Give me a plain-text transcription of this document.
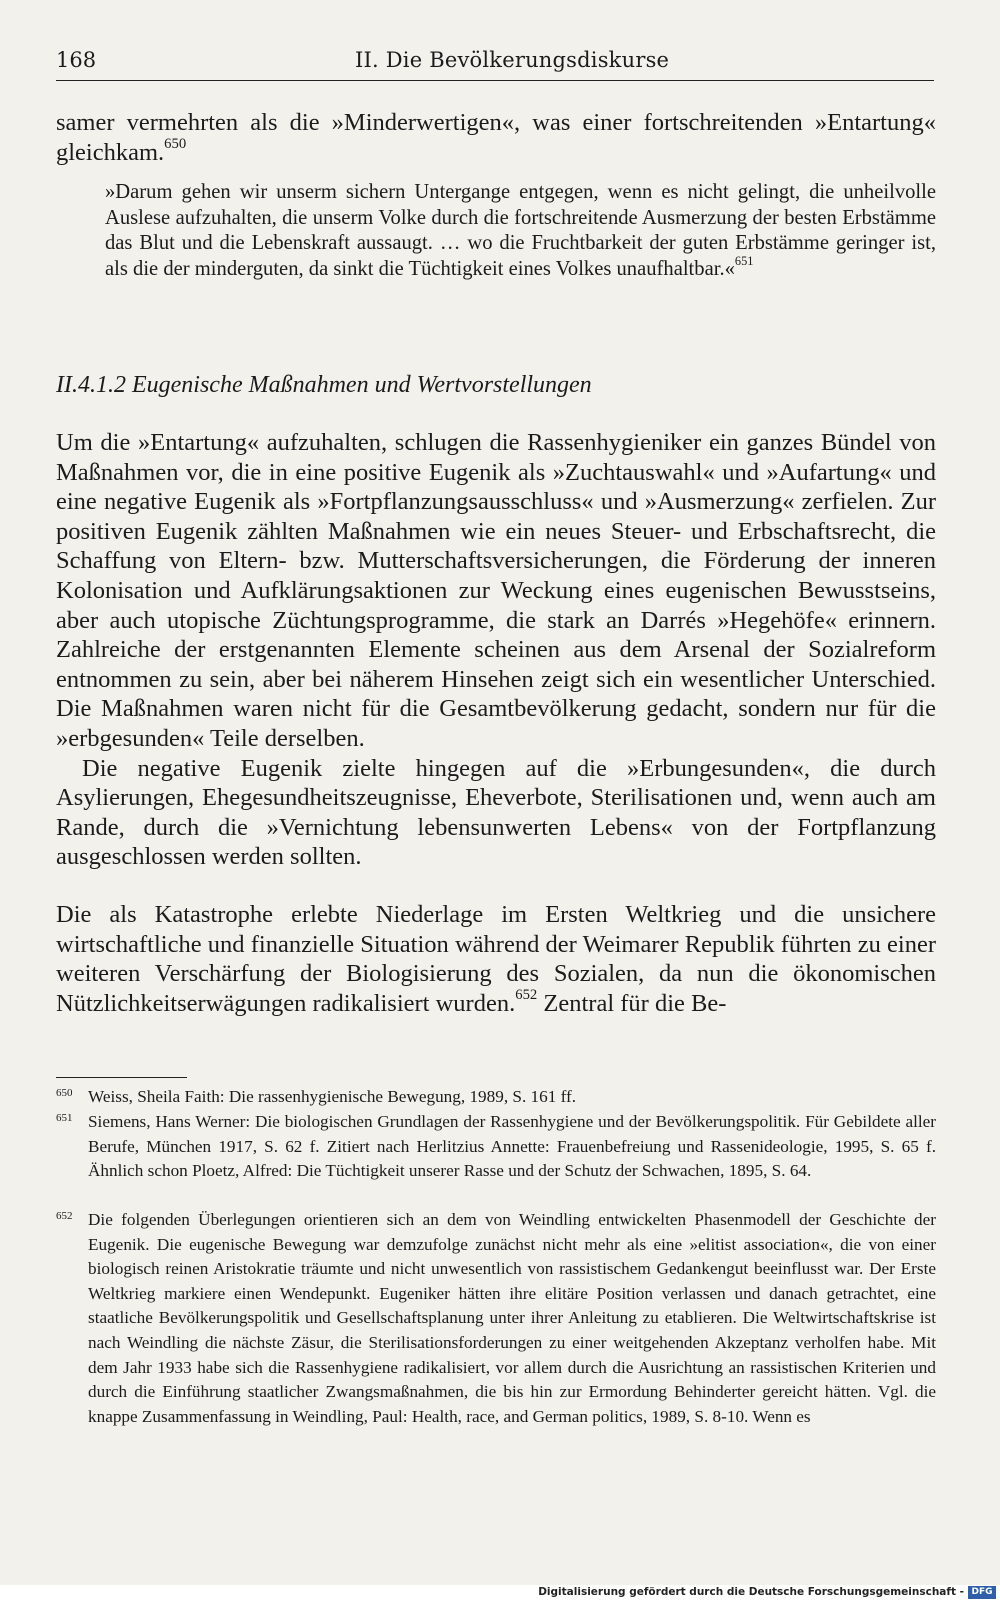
168	II. Die Bevölkerungsdiskurse

samer vermehrten als die »Minderwertigen«, was einer fortschreitenden »Entartung« gleichkam.$^{650}$

»Darum gehen wir unserm sichern Untergange entgegen, wenn es nicht gelingt, die unheilvolle Auslese aufzuhalten, die unserm Volke durch die fortschreitende Ausmerzung der besten Erbstämme das Blut und die Lebenskraft aussaugt. … wo die Fruchtbarkeit der guten Erbstämme geringer ist, als die der minderguten, da sinkt die Tüchtigkeit eines Volkes unaufhaltbar.«$^{651}$

II.4.1.2 Eugenische Maßnahmen und Wertvorstellungen

Um die »Entartung« aufzuhalten, schlugen die Rassenhygieniker ein ganzes Bündel von Maßnahmen vor, die in eine positive Eugenik als »Zuchtauswahl« und »Aufartung« und eine negative Eugenik als »Fortpflanzungsausschluss« und »Ausmerzung« zerfielen. Zur positiven Eugenik zählten Maßnahmen wie ein neues Steuer- und Erbschaftsrecht, die Schaffung von Eltern- bzw. Mutterschaftsversicherungen, die Förderung der inneren Kolonisation und Aufklärungsaktionen zur Weckung eines eugenischen Bewusstseins, aber auch utopische Züchtungsprogramme, die stark an Darrés »Hegehöfe« erinnern. Zahlreiche der erstgenannten Elemente scheinen aus dem Arsenal der Sozialreform entnommen zu sein, aber bei näherem Hinsehen zeigt sich ein wesentlicher Unterschied. Die Maßnahmen waren nicht für die Gesamtbevölkerung gedacht, sondern nur für die »erbgesunden« Teile derselben.

Die negative Eugenik zielte hingegen auf die »Erbungesunden«, die durch Asylierungen, Ehegesundheitszeugnisse, Eheverbote, Sterilisationen und, wenn auch am Rande, durch die »Vernichtung lebensunwerten Lebens« von der Fortpflanzung ausgeschlossen werden sollten.

Die als Katastrophe erlebte Niederlage im Ersten Weltkrieg und die unsichere wirtschaftliche und finanzielle Situation während der Weimarer Republik führten zu einer weiteren Verschärfung der Biologisierung des Sozialen, da nun die ökonomischen Nützlichkeitserwägungen radikalisiert wurden.$^{652}$ Zentral für die Be-

650 Weiss, Sheila Faith: Die rassenhygienische Bewegung, 1989, S. 161 ff.
651 Siemens, Hans Werner: Die biologischen Grundlagen der Rassenhygiene und der Bevölkerungspolitik. Für Gebildete aller Berufe, München 1917, S. 62 f. Zitiert nach Herlitzius Annette: Frauenbefreiung und Rassenideologie, 1995, S. 65 f. Ähnlich schon Ploetz, Alfred: Die Tüchtigkeit unserer Rasse und der Schutz der Schwachen, 1895, S. 64.
652 Die folgenden Überlegungen orientieren sich an dem von Weindling entwickelten Phasenmodell der Geschichte der Eugenik. Die eugenische Bewegung war demzufolge zunächst nicht mehr als eine »elitist association«, die von einer biologisch reinen Aristokratie träumte und nicht unwesentlich von rassistischem Gedankengut beeinflusst war. Der Erste Weltkrieg markiere einen Wendepunkt. Eugeniker hätten ihre elitäre Position verlassen und danach getrachtet, eine staatliche Bevölkerungspolitik und Gesellschaftsplanung unter ihrer Anleitung zu etablieren. Die Weltwirtschaftskrise ist nach Weindling die nächste Zäsur, die Sterilisationsforderungen zu einer weitgehenden Akzeptanz verholfen habe. Mit dem Jahr 1933 habe sich die Rassenhygiene radikalisiert, vor allem durch die Ausrichtung an rassistischen Kriterien und durch die Einführung staatlicher Zwangsmaßnahmen, die bis hin zur Ermordung Behinderter gereicht hätten. Vgl. die knappe Zusammenfassung in Weindling, Paul: Health, race, and German politics, 1989, S. 8-10. Wenn es
Digitalisierung gefördert durch die Deutsche Forschungsgemeinschaft - DFG
